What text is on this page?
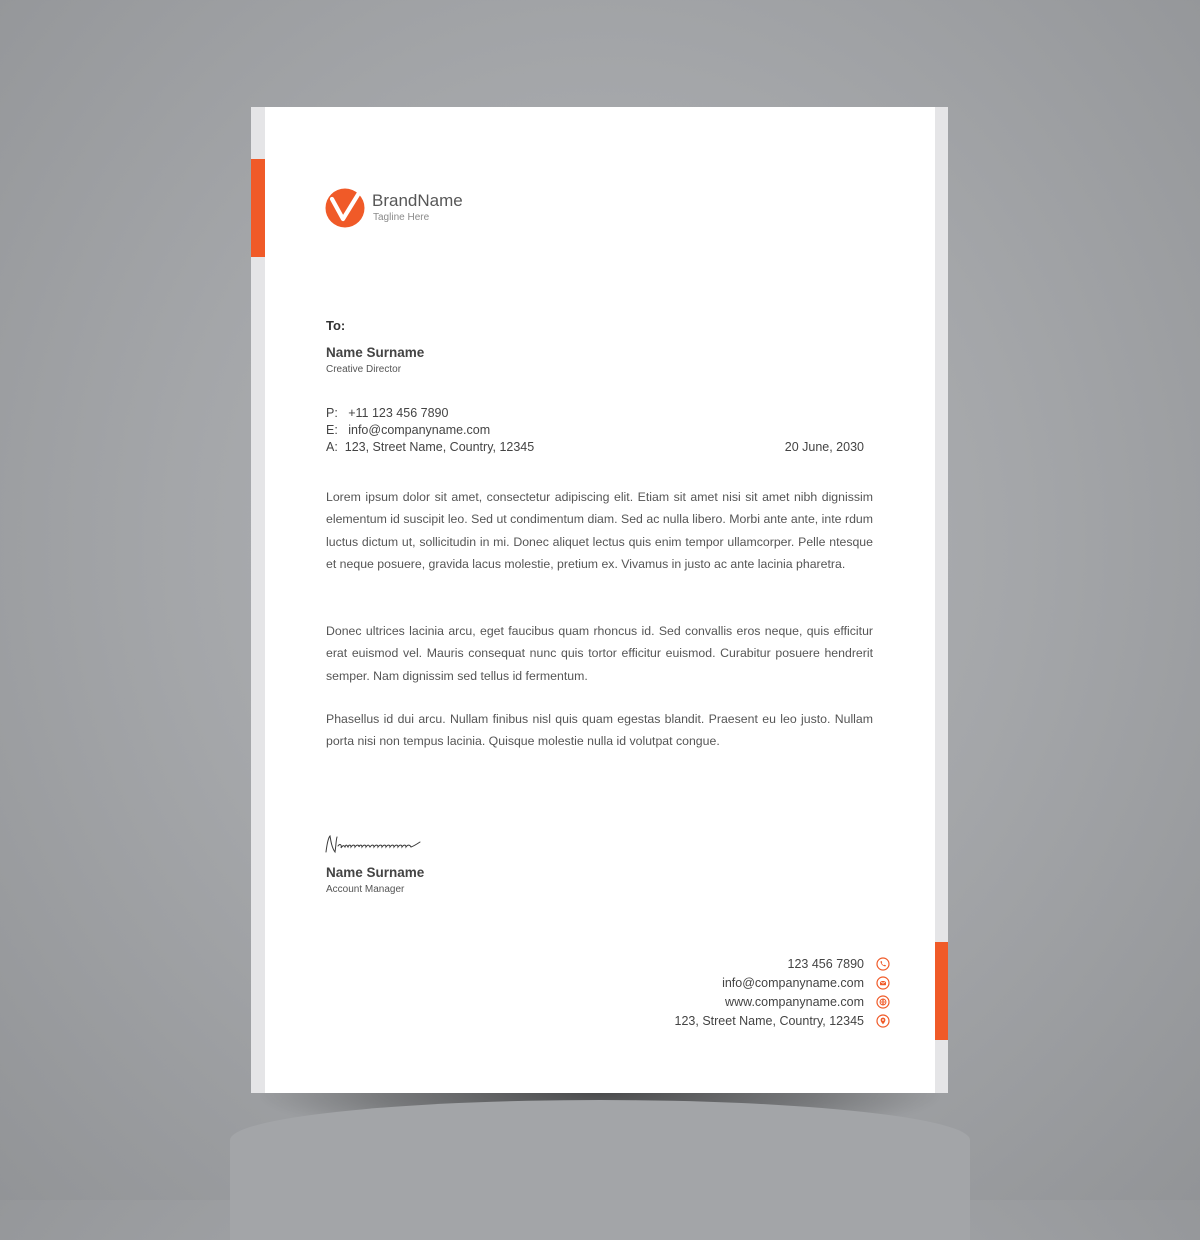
BrandName
Tagline Here
To:
Name Surname
Creative Director
P:   +11 123 456 7890
E:   info@companyname.com
A:  123, Street Name, Country, 12345	20 June, 2030

Lorem ipsum dolor sit amet, consectetur adipiscing elit. Etiam sit amet nisi sit amet nibh dignissim elementum id suscipit leo. Sed ut condimentum diam. Sed ac nulla libero. Morbi ante ante, inte rdum luctus dictum ut, sollicitudin in mi. Donec aliquet lectus quis enim tempor ullamcorper. Pelle ntesque et neque posuere, gravida lacus molestie, pretium ex. Vivamus in justo ac ante lacinia pharetra.

Donec ultrices lacinia arcu, eget faucibus quam rhoncus id. Sed convallis eros neque, quis efficitur erat euismod vel. Mauris consequat nunc quis tortor efficitur euismod. Curabitur posuere hendrerit semper. Nam dignissim sed tellus id fermentum.

Phasellus id dui arcu. Nullam finibus nisl quis quam egestas blandit. Praesent eu leo justo. Nullam porta nisi non tempus lacinia. Quisque molestie nulla id volutpat congue.

Name Surname
Account Manager
123 456 7890
info@companyname.com
www.companyname.com
123, Street Name, Country, 12345
